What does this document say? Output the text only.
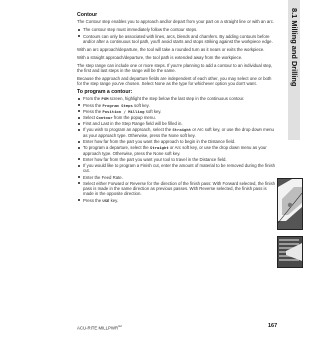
8.1 Milling and Drilling
Contour

The Contour step enables you to approach and/or depart from your part on a straight line or with an arc.

The contour step must immediately follow the contour steps.
Contours can only be associated with lines, arcs, blends and chamfers. By adding contours before and/or after a continuous tool path, you'll avoid starts and stops striking against the workpiece edge.

With an arc approach/departure, the tool will take a rounded turn as it nears or exits the workpiece.

With a straight approach/departure, the tool path is extended away from the workpiece.

The step range can include one or more steps. If you're planning to add a contour to an individual step, the first and last steps in the range will be the same.

Because the approach and departure fields are independent of each other, you may select one or both for the step range you've chosen. Select None as the type for whichever option you don't want.

To program a contour:
From the PGM screen, highlight the step below the last step in the continuous contour.
Press the Program Steps soft key.
Press the Position / Milling soft key.
Select Contour from the popup menu.
First and Last in the Step Range field will be filled in.
If you wish to program an approach, select the Straight or Arc soft key, or use the drop down menu as your approach type. Otherwise, press the None soft key.
Enter how far from the part you want the approach to begin in the Distance field.
To program a departure, select the Straight or Arc soft key, or use the drop down menu as your approach type. Otherwise, press the None soft key.
Enter how far from the part you want your tool to travel in the Distance field.
If you would like to program a Finish cut, enter the amount of material to be removed during the finish cut.
Enter the Feed Rate.
Select either Forward or Reverse for the direction of the finish pass: With Forward selected, the finish pass is made in the same direction as previous passes. With Reverse selected, the finish pass is made in the opposite direction.
Press the USE key.
ACU-RITE $MILLPWR^{G2}$	167
